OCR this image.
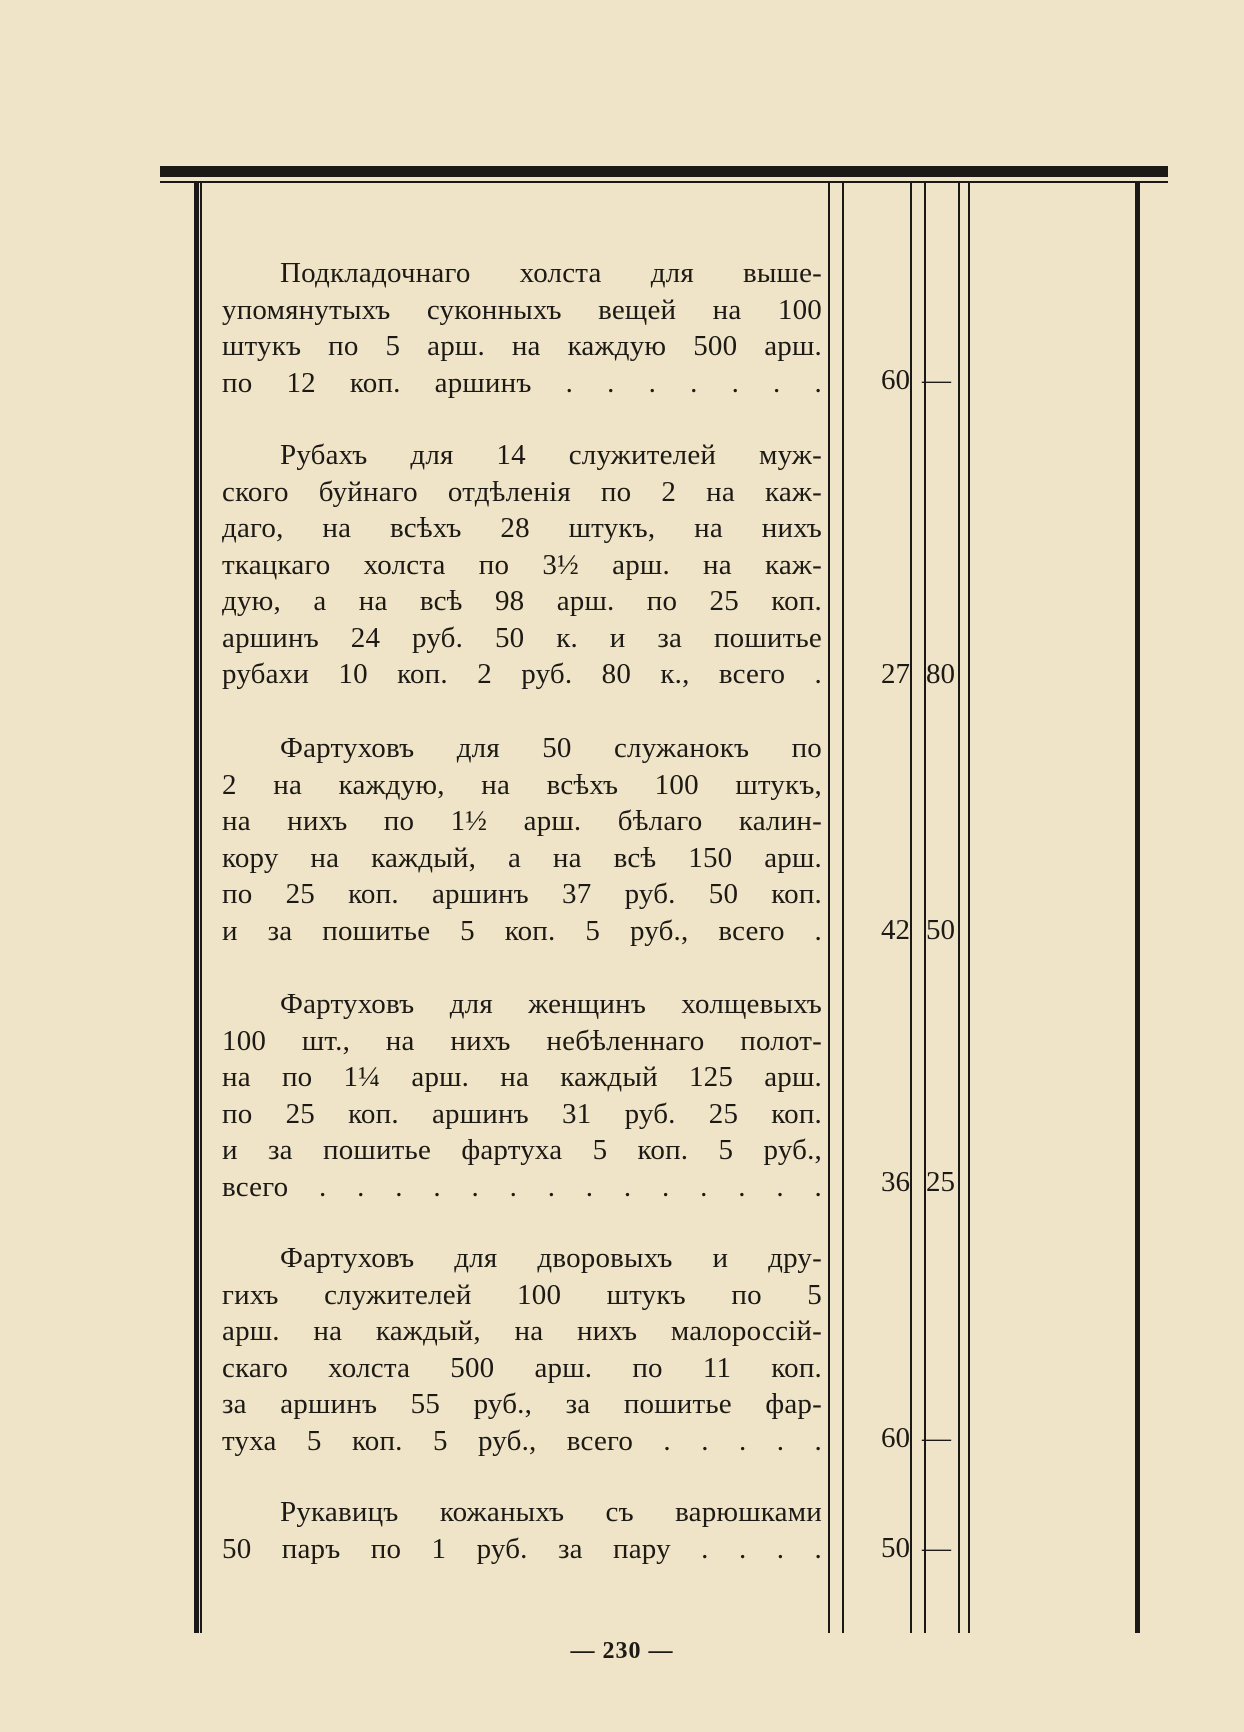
Подкладочнаго холста для выше-

упомянутыхъ суконныхъ вещей на 100

штукъ по 5 арш. на каждую 500 арш.

по 12 коп. аршинъ . . . . . . .	60 —

Рубахъ для 14 служителей муж-

ского буйнаго отдѣленія по 2 на каж-

даго, на всѣхъ 28 штукъ, на нихъ

ткацкаго холста по 3½ арш. на каж-

дую, а на всѣ 98 арш. по 25 коп.

аршинъ 24 руб. 50 к. и за пошитье

рубахи 10 коп. 2 руб. 80 к., всего .	27 80

Фартуховъ для 50 служанокъ по

2 на каждую, на всѣхъ 100 штукъ,

на нихъ по 1½ арш. бѣлаго калин-

кору на каждый, а на всѣ 150 арш.

по 25 коп. аршинъ 37 руб. 50 коп.

и за пошитье 5 коп. 5 руб., всего .	42 50

Фартуховъ для женщинъ холщевыхъ

100 шт., на нихъ небѣленнаго полот-

на по 1¼ арш. на каждый 125 арш.

по 25 коп. аршинъ 31 руб. 25 коп.

и за пошитье фартуха 5 коп. 5 руб.,

всего . . . . . . . . . . . . . .	36 25

Фартуховъ для дворовыхъ и дру-

гихъ служителей 100 штукъ по 5

арш. на каждый, на нихъ малороссій-

скаго холста 500 арш. по 11 коп.

за аршинъ 55 руб., за пошитье фар-

туха 5 коп. 5 руб., всего . . . . .	60 —

Рукавицъ кожаныхъ съ варюшками

50 паръ по 1 руб. за пару . . . .	50 —
— 230 —
